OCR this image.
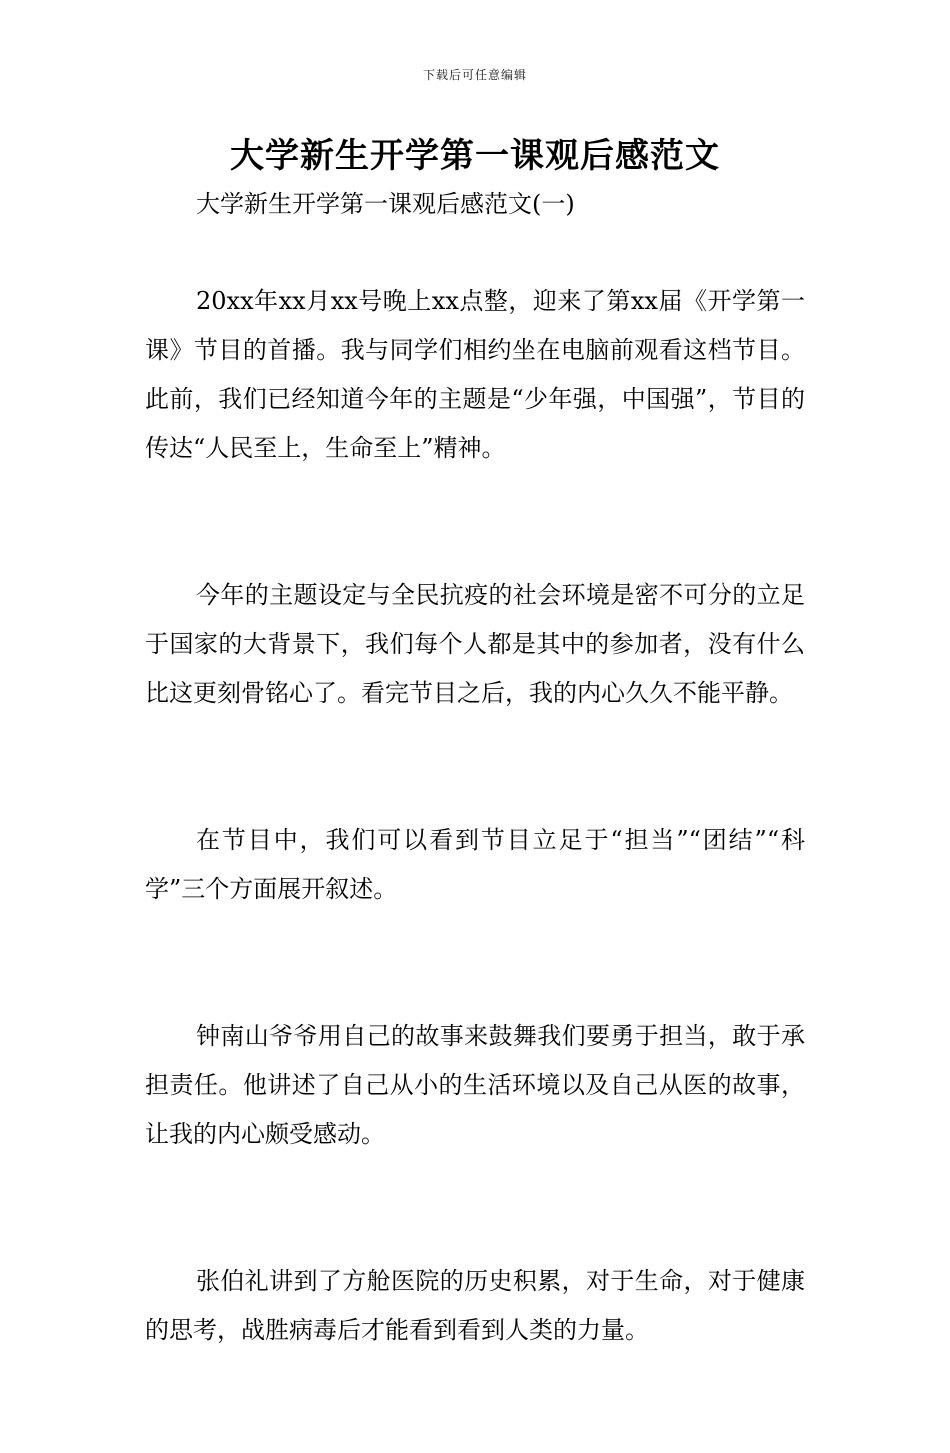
下载后可任意编辑
大学新生开学第一课观后感范文

大学新生开学第一课观后感范文(一)

20xx年xx月xx号晚上xx点整，迎来了第xx届《开学第一课》节目的首播。我与同学们相约坐在电脑前观看这档节目。此前，我们已经知道今年的主题是“少年强，中国强”，节目的传达“人民至上，生命至上”精神。

今年的主题设定与全民抗疫的社会环境是密不可分的立足于国家的大背景下，我们每个人都是其中的参加者，没有什么比这更刻骨铭心了。看完节目之后，我的内心久久不能平静。

在节目中，我们可以看到节目立足于“担当”“团结”“科学”三个方面展开叙述。

钟南山爷爷用自己的故事来鼓舞我们要勇于担当，敢于承担责任。他讲述了自己从小的生活环境以及自己从医的故事，让我的内心颇受感动。

张伯礼讲到了方舱医院的历史积累，对于生命，对于健康的思考，战胜病毒后才能看到看到人类的力量。
